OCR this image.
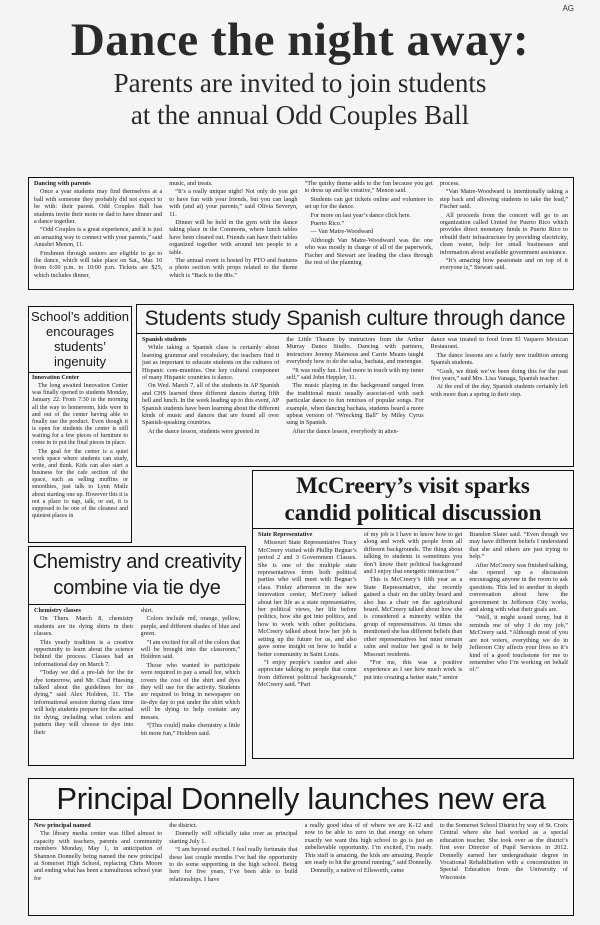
AG
Dance the night away:
Parents are invited to join students
at the annual Odd Couples Ball

Dancing with parents

Once a year students may find themselves at a ball with someone they probably did not expect to be with: their parent. Odd Couples Ball has students invite their mom or dad to have dinner and a dance together.

“Odd Couples is a great experience, and it is just an amazing way to connect with your parents,” said Anushri Menon, 11.

Freshmen through seniors are eligible to go to the dance, which will take place on Sat., Mar. 10 from 6:00 p.m. to 10:00 p.m. Tickets are $25, which includes dinner,

music, and treats.

“It’s a really unique night! Not only do you get to have fun with your friends, but you can laugh with (and at) your parents,” said Olivia Severyn, 11.

Dinner will be held in the gym with the dance taking place in the Commons, where lunch tables have been cleared out. Friends can have their tables organized together with around ten people to a table.

The annual event is hosted by PTO and features a photo section with props related to the theme which is “Back to the 80s.”

“The quirky theme adds to the fun because you get to dress up and be creative,” Menon said.

Students can get tickets online and volunteer to set up for the dance.

For more on last year’s dance click here.

Puerto Rico.”

— Van Matre-Woodward

Although Van Matre-Woodward was the one who was mostly in charge of all of the paperwork, Fischer and Stewart are leading the class through the rest of the planning

process.

“Van Matre-Woodward is intentionally taking a step back and allowing students to take the lead,” Fischer said.

All proceeds from the concert will go to an organization called United for Puerto Rico which provides direct monetary funds to Puerto Rico to rebuild their infrastructure by providing electricity, clean water, help for small businesses and information about available government assistance.

“It’s amazing how passionate and on top of it everyone is,” Stewart said.

School’s addition
encourages
students’ ingenuity

Innovation Center

The long awaited Innovation Center was finally opened to students Monday, January 22. From 7:30 in the morning all the way to homeroom, kids were in and out of the center having able to finally use the product. Even though it is open for students the center is still waiting for a few pieces of furniture to come in to put the final pieces in place.

The goal for the center is a quiet work space where students can study, write, and think. Kids can also start a business for the cafe section of the space, such as selling muffins or smoothies, just talk to Lynn Mailz about starting one up. However this it is not a place to nap, talk, or eat, it is supposed to be one of the cleanest and quietest places in

Students study Spanish culture through dance

Spanish students

While taking a Spanish class is certainly about learning grammar and vocabulary, the teachers find it just as important to educate students on the cultures of Hispanic com-munities. One key cultural component of many Hispanic countries is dance.

On Wed. March 7, all of the students in AP Spanish and CHS learned three different dances during fifth bell and lunch. In the week leading up to this event, AP Spanish students have been learning about the different kinds of music and dances that are found all over Spanish-speaking countries.

At the dance lesson, students were greeted in

the Little Theatre by instructors from the Arthur Murray Dance Studio. Dancing with partners, instructors Jeremy Maimous and Carrie Means taught everybody how to do the salsa, bachata, and merengue.

“It was really fun. I feel more in touch with my inner self,” said John Heppler, 11.

The music playing in the background ranged from the traditional music usually associat-ed with each particular dance to fun remixes of popular songs. For example, when dancing bachata, students heard a more upbeat version of “Wrecking Ball” by Miley Cyrus sung in Spanish.

After the dance lesson, everybody in atten-

dance was treated to food from El Vaquero Mexican Restaurant.

The dance lessons are a fairly new tradition among Spanish students.

“Gosh, we think we’ve been doing this for the past five years,” said Mrs. Lisa Vanaga, Spanish teacher.

At the end of the day, Spanish students certainly left with more than a spring in their step.

McCreery’s visit sparks
candid political discussion

State Representative

Missouri State Representative Tracy McCreery visited with Phillip Begnar’s period 2 and 3 Government Classes. She is one of the multiple state representatives from both political parties who will meet with Begnar’s class. Friday afternoon in the new innovation center, McCreery talked about her life as a state representative, her political views, her life before politics, how she got into politics, and how to work with other politicians. McCreery talked about how her job is setting up the future for us, and also gave some insight on how to build a better community in Saint Louis.

“I enjoy people’s candor and also appreciate talking to people that come from different political backgrounds,” McCreery said. “Part

of my job is I have to know how to get along and work with people from all different backgrounds. The thing about talking to students is sometimes you don’t know their political background and I enjoy that energetic interaction.”

This is McCreery’s fifth year as a State Representative, she recently gained a chair on the utility board and also has a chair on the agricultural board. McCreery talked about how she is considered a minority within the group of representatives. At times she mentioned she has different beliefs than other representatives but must remain calm and realize her goal is to help Missouri residents.

“For me, this was a positive experience as I see how much work is put into creating a better state,” senior

Brandon Slater said. “Even though we may have different beliefs I understand that she and others are just trying to help.”

After McCreery was finished talking, she opened up a discussion encouraging anyone in the room to ask questions. This led to another in depth conversation about how the government in Jefferson City works, and along with what their goals are.

“Well, it might sound corny, but it reminds me of why I do my job,” McCreery said. “Although most of you are not voters, everything we do in Jefferson City affects your lives so it’s kind of a good touchstone for me to remember who I’m working on behalf of.”

Chemistry and creativity
combine via tie dye

Chemistry classes

On Thurs. March 8, chemistry students are tie dying shirts in their classes.

This yearly tradition is a creative opportunity to learn about the science behind the process. Classes had an informational day on March 7.

“Today we did a pre-lab for the tie dye tomorrow, and Mr. Chad Huesing talked about the guidelines for tie dying,” said Alex Holdren, 11. The informational session during class time will help students prepare for the actual tie dying, including what colors and pattern they will choose to dye into their

shirt.

Colors include red, orange, yellow, purple, and different shades of blue and green.

“I am excited for all of the colors that will be brought into the classroom,” Holdren said.

Those who wanted to participate were required to pay a small fee, which covers the cost of the shirt and dyes they will use for the activity. Students are required to bring in newspaper on tie-dye day to put under the shirt which will be dying to help contain any messes.

“[This could] make chemistry a little bit more fun,” Holdren said.

Principal Donnelly launches new era

New principal named

The library media center was filled almost to capacity with teachers, parents and community members Monday, May 1, in anticipation of Shannon Donnelly being named the new principal at Somerset High School, replacing Chris Moore and ending what has been a tumultuous school year for

the district.

Donnelly will officially take over as principal starting July 1.

“I am beyond excited. I feel really fortunate that these last couple months I’ve had the opportunity to do some supporting in the high school. Being here for five years, I’ve been able to build relationships. I have

a really good idea of of where we are K-12 and now to be able to zero in that energy on where exactly we want this high school to go is just an unbelievable opportunity. I’m excited, I’m ready. This staff is amazing, the kids are amazing. People are ready to hit the ground running,” said Donnelly.

Donnelly, a native of Ellsworth, came

to the Somerset School District by way of St. Croix Central where she had worked as a special education teacher. She took over as the district’s first ever Director of Pupil Services in 2012. Donnelly earned her undergraduate degree in Vocational Rehabilitation with a concentration in Special Education from the University of Wisconsin
